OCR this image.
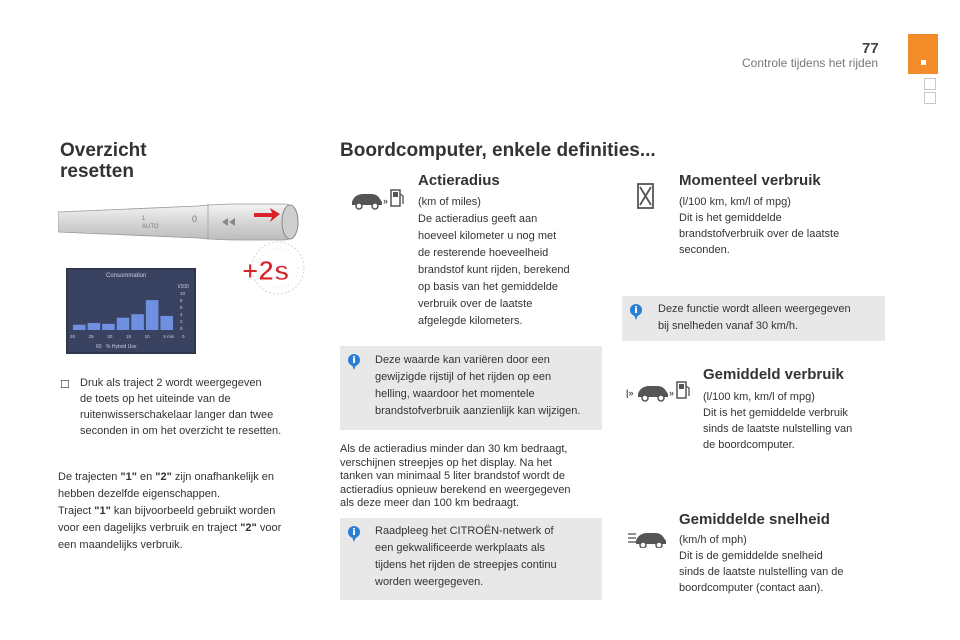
77
Controle tijdens het rijden
Overzicht
resetten
1
AUTO
0
Consommation
l/100
30	25	20	15	10	5 min 0
10
8
6
4
2
0
60 % Hybrid Use
+2s
☐ Druk als traject 2 wordt weergegeven
de toets op het uiteinde van de
ruitenwisserschakelaar langer dan twee
seconden in om het overzicht te resetten.
De trajecten "1" en "2" zijn onafhankelijk en
hebben dezelfde eigenschappen.
Traject "1" kan bijvoorbeeld gebruikt worden
voor een dagelijks verbruik en traject "2" voor
een maandelijks verbruik.
Boordcomputer, enkele definities...
»
Actieradius
(km of miles)
De actieradius geeft aan
hoeveel kilometer u nog met
de resterende hoeveelheid
brandstof kunt rijden, berekend
op basis van het gemiddelde
verbruik over de laatste
afgelegde kilometers.
Deze waarde kan variëren door een
gewijzigde rijstijl of het rijden op een
helling, waardoor het momentele
brandstofverbruik aanzienlijk kan wijzigen.
Als de actieradius minder dan 30 km bedraagt,
verschijnen streepjes op het display. Na het
tanken van minimaal 5 liter brandstof wordt de
actieradius opnieuw berekend en weergegeven
als deze meer dan 100 km bedraagt.
Raadpleeg het CITROËN-netwerk of
een gekwalificeerde werkplaats als
tijdens het rijden de streepjes continu
worden weergegeven.
Momenteel verbruik
(l/100 km, km/l of mpg)
Dit is het gemiddelde
brandstofverbruik over de laatste
seconden.
Deze functie wordt alleen weergegeven
bij snelheden vanaf 30 km/h.
|»	»
Gemiddeld verbruik
(l/100 km, km/l of mpg)
Dit is het gemiddelde verbruik
sinds de laatste nulstelling van
de boordcomputer.
Gemiddelde snelheid
(km/h of mph)
Dit is de gemiddelde snelheid
sinds de laatste nulstelling van de
boordcomputer (contact aan).
